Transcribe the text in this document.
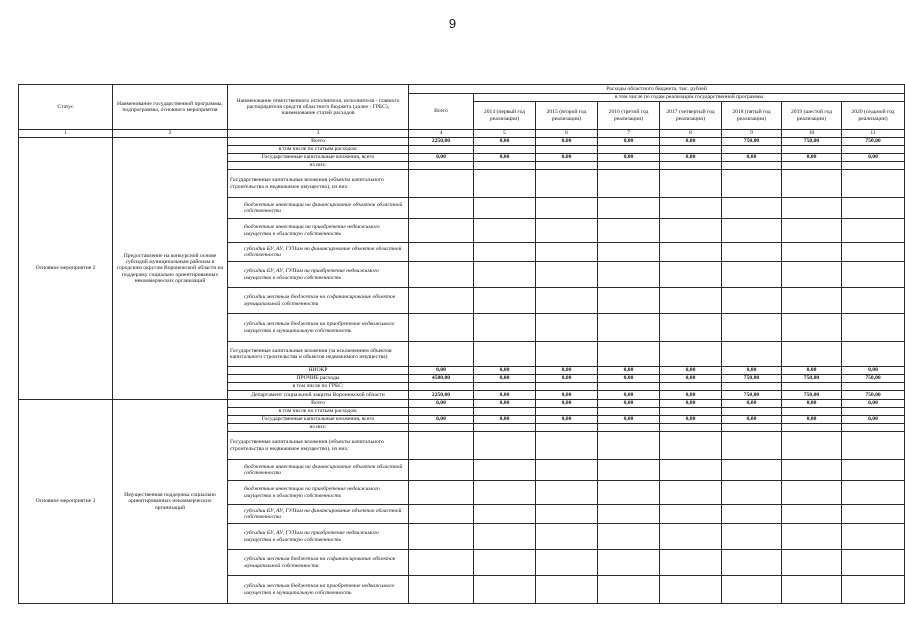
9
Статус	Наименование государственной программы, подпрограммы, основного мероприятия	Наименование ответственного исполнителя, исполнителя - главного распорядителя средств областного бюджета (далее - ГРБС), наименование статей расходов	Расходы областного бюджета, тыс. рублей							
			Всего	в том числе по годам реализации государственной программы						
				2014 (первый год реализации)	2015 (второй год реализации)	2016 (третий год реализации)	2017 (четвертый год реализации)	2018 (пятый год реализации)	2019 (шестой год реализации)	2020 (седьмой год реализации)
1	2	3	4	5	6	7	8	9	10	11
Основное мероприятие 2	Предоставление на конкурсной основе субсидий муниципальным районам и городским округам Воронежской области на поддержку социально ориентированных некоммерческих организаций	Всего	2250,00	0,00	0,00	0,00	0,00	750,00	750,00	750,00
		в том числе по статьям расходов:								
		Государственные капитальные вложения, всего	0,00	0,00	0,00	0,00	0,00	0,00	0,00	0,00
		из них:								
		Государственные капитальные вложения (объекты капитального строительства и недвижимое имущество), из них:								
		бюджетные инвестиции на финансирование объектов областной собственности								
		бюджетные инвестиции на приобретение недвижимого имущества в областную собственность								
		субсидии БУ, АУ, ГУПам на финансирование объектов областной собственности								
		субсидии БУ, АУ, ГУПам на приобретение недвижимого имущества в областную собственность								
		субсидии местным бюджетам на софинансирование объектов муниципальной собственности								
		субсидии местным бюджетам на приобретение недвижимого имущества в муниципальную собственность								
		Государственные капитальные вложения (за исключением объектов капитального строительства и объектов недвижимого имущества)								
		НИОКР	0,00	0,00	0,00	0,00	0,00	0,00	0,00	0,00
		ПРОЧИЕ расходы	4500,00	0,00	0,00	0,00	0,00	750,00	750,00	750,00
		в том числе по ГРБС:								
		Департамент социальной защиты Воронежской области	2250,00	0,00	0,00	0,00	0,00	750,00	750,00	750,00
Основное мероприятие 3	Имущественная поддержка социально ориентированных некоммерческих организаций	Всего	0,00	0,00	0,00	0,00	0,00	0,00	0,00	0,00
		в том числе по статьям расходов:								
		Государственные капитальные вложения, всего	0,00	0,00	0,00	0,00	0,00	0,00	0,00	0,00
		из них:								
		Государственные капитальные вложения (объекты капитального строительства и недвижимое имущество), из них:								
		бюджетные инвестиции на финансирование объектов областной собственности								
		бюджетные инвестиции на приобретение недвижимого имущества в областную собственность								
		субсидии БУ, АУ, ГУПам на финансирование объектов областной собственности								
		субсидии БУ, АУ, ГУПам на приобретение недвижимого имущества в областную собственность								
		субсидии местным бюджетам на софинансирование объектов муниципальной собственности								
		субсидии местным бюджетам на приобретение недвижимого имущества в муниципальную собственность								
